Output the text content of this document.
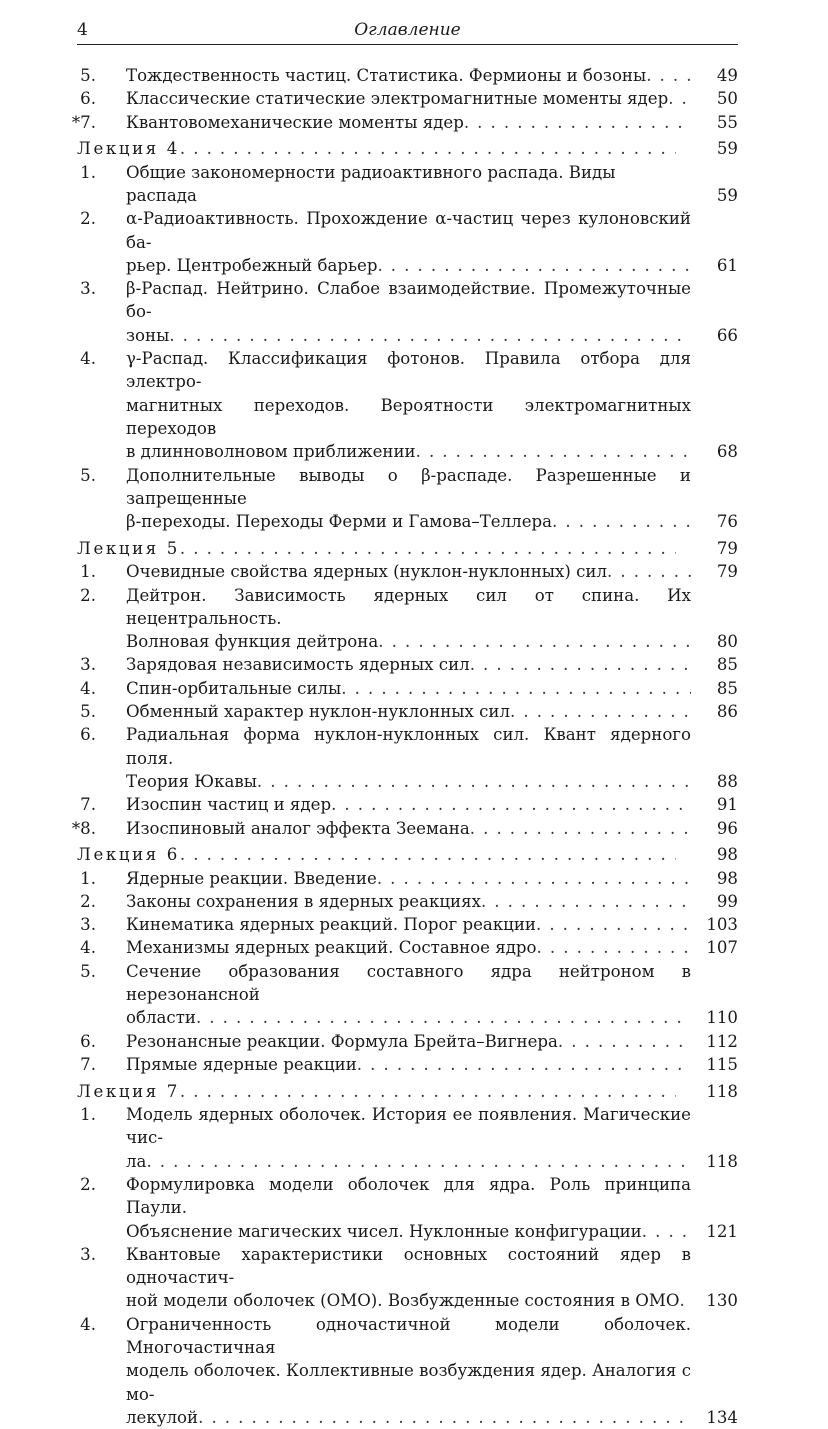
4	Оглавление
5. Тождественность частиц. Статистика. Фермионы и бозоны . . .	49
6. Классические статические электромагнитные моменты ядер . . .	50
*7. Квантовомеханические моменты ядер . . .	55
Лекция 4 . . .	59
1. Общие закономерности радиоактивного распада. Виды распада	59
2. α-Радиоактивность. Прохождение α-частиц через кулоновский ба-
рьер. Центробежный барьер . . .	61
3. β-Распад. Нейтрино. Слабое взаимодействие. Промежуточные бо-
зоны . . .	66
4. γ-Распад. Классификация фотонов. Правила отбора для электро-
магнитных переходов. Вероятности электромагнитных переходов
в длинноволновом приближении . . .	68
5. Дополнительные выводы о β-распаде. Разрешенные и запрещенные
β-переходы. Переходы Ферми и Гамова–Теллера . . .	76
Лекция 5 . . .	79
1. Очевидные свойства ядерных (нуклон-нуклонных) сил . . .	79
2. Дейтрон. Зависимость ядерных сил от спина. Их нецентральность.
Волновая функция дейтрона . . .	80
3. Зарядовая независимость ядерных сил . . .	85
4. Спин-орбитальные силы . . .	85
5. Обменный характер нуклон-нуклонных сил . . .	86
6. Радиальная форма нуклон-нуклонных сил. Квант ядерного поля.
Теория Юкавы . . .	88
7. Изоспин частиц и ядер . . .	91
*8. Изоспиновый аналог эффекта Зеемана . . .	96
Лекция 6 . . .	98
1. Ядерные реакции. Введение . . .	98
2. Законы сохранения в ядерных реакциях . . .	99
3. Кинематика ядерных реакций. Порог реакции . . .	103
4. Механизмы ядерных реакций. Составное ядро . . .	107
5. Сечение образования составного ядра нейтроном в нерезонансной
области . . .	110
6. Резонансные реакции. Формула Брейта–Вигнера . . .	112
7. Прямые ядерные реакции . . .	115
Лекция 7 . . .	118
1. Модель ядерных оболочек. История ее появления. Магические чис-
ла . . .	118
2. Формулировка модели оболочек для ядра. Роль принципа Паули.
Объяснение магических чисел. Нуклонные конфигурации . . .	121
3. Квантовые характеристики основных состояний ядер в одночастич-
ной модели оболочек (ОМО). Возбужденные состояния в ОМО . . .	130
4. Ограниченность одночастичной модели оболочек. Многочастичная
модель оболочек. Коллективные возбуждения ядер. Аналогия с мо-
лекулой . . .	134
